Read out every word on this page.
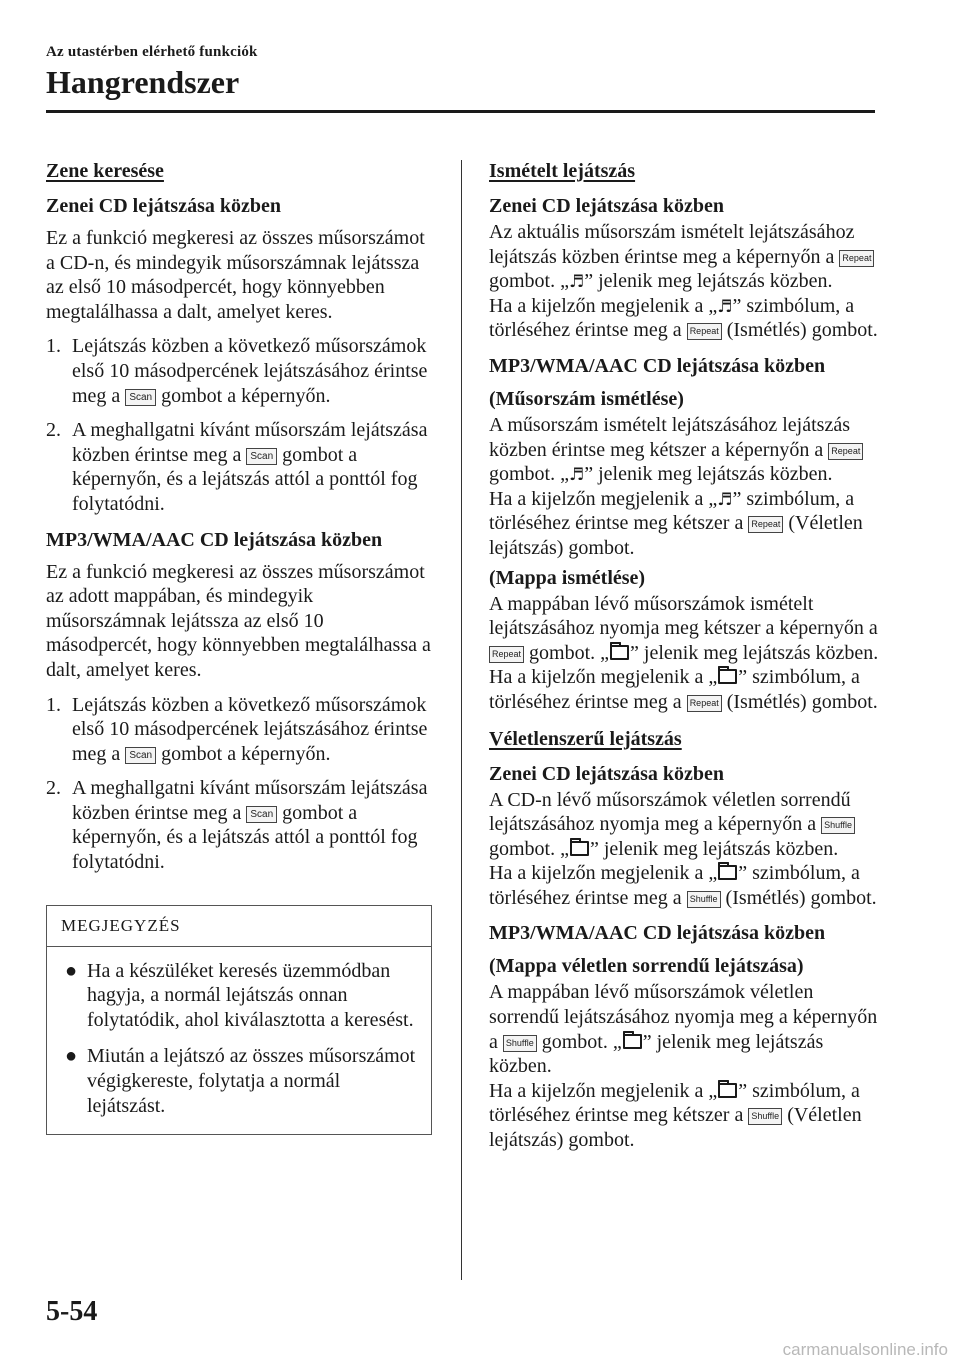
Az utastérben elérhető funkciók
Hangrendszer
Zene keresése
Zenei CD lejátszása közben

Ez a funkció megkeresi az összes műsorszámot a CD-n, és mindegyik műsorszámnak lejátssza az első 10 másodpercét, hogy könnyebben megtalálhassa a dalt, amelyet keres.

1. Lejátszás közben a következő műsorszámok első 10 másodpercének lejátszásához érintse meg a Scan gombot a képernyőn.
2. A meghallgatni kívánt műsorszám lejátszása közben érintse meg a Scan gombot a képernyőn, és a lejátszás attól a ponttól fog folytatódni.
MP3/WMA/AAC CD lejátszása közben

Ez a funkció megkeresi az összes műsorszámot az adott mappában, és mindegyik műsorszámnak lejátssza az első 10 másodpercét, hogy könnyebben megtalálhassa a dalt, amelyet keres.

1. Lejátszás közben a következő műsorszámok első 10 másodpercének lejátszásához érintse meg a Scan gombot a képernyőn.
2. A meghallgatni kívánt műsorszám lejátszása közben érintse meg a Scan gombot a képernyőn, és a lejátszás attól a ponttól fog folytatódni.
MEGJEGYZÉS
● Ha a készüléket keresés üzemmódban hagyja, a normál lejátszás onnan folytatódik, ahol kiválasztotta a keresést.
● Miután a lejátszó az összes műsorszámot végigkereste, folytatja a normál lejátszást.
Ismételt lejátszás
Zenei CD lejátszása közben

Az aktuális műsorszám ismételt lejátszásához lejátszás közben érintse meg a képernyőn a Repeat gombot. „♬” jelenik meg lejátszás közben.
Ha a kijelzőn megjelenik a „♬” szimbólum, a törléséhez érintse meg a Repeat (Ismétlés) gombot.

MP3/WMA/AAC CD lejátszása közben
(Műsorszám ismétlése)

A műsorszám ismételt lejátszásához lejátszás közben érintse meg kétszer a képernyőn a Repeat gombot. „♬” jelenik meg lejátszás közben.
Ha a kijelzőn megjelenik a „♬” szimbólum, a törléséhez érintse meg kétszer a Repeat (Véletlen lejátszás) gombot.

(Mappa ismétlése)

A mappában lévő műsorszámok ismételt lejátszásához nyomja meg kétszer a képernyőn a Repeat gombot. „ ” jelenik meg lejátszás közben.
Ha a kijelzőn megjelenik a „ ” szimbólum, a törléséhez érintse meg a Repeat (Ismétlés) gombot.

Véletlenszerű lejátszás
Zenei CD lejátszása közben

A CD-n lévő műsorszámok véletlen sorrendű lejátszásához nyomja meg a képernyőn a Shuffle gombot. „ ” jelenik meg lejátszás közben.
Ha a kijelzőn megjelenik a „ ” szimbólum, a törléséhez érintse meg a Shuffle (Ismétlés) gombot.

MP3/WMA/AAC CD lejátszása közben
(Mappa véletlen sorrendű lejátszása)

A mappában lévő műsorszámok véletlen sorrendű lejátszásához nyomja meg a képernyőn a Shuffle gombot. „ ” jelenik meg lejátszás közben.
Ha a kijelzőn megjelenik a „ ” szimbólum, a törléséhez érintse meg kétszer a Shuffle (Véletlen lejátszás) gombot.

5-54
carmanualsonline.info
